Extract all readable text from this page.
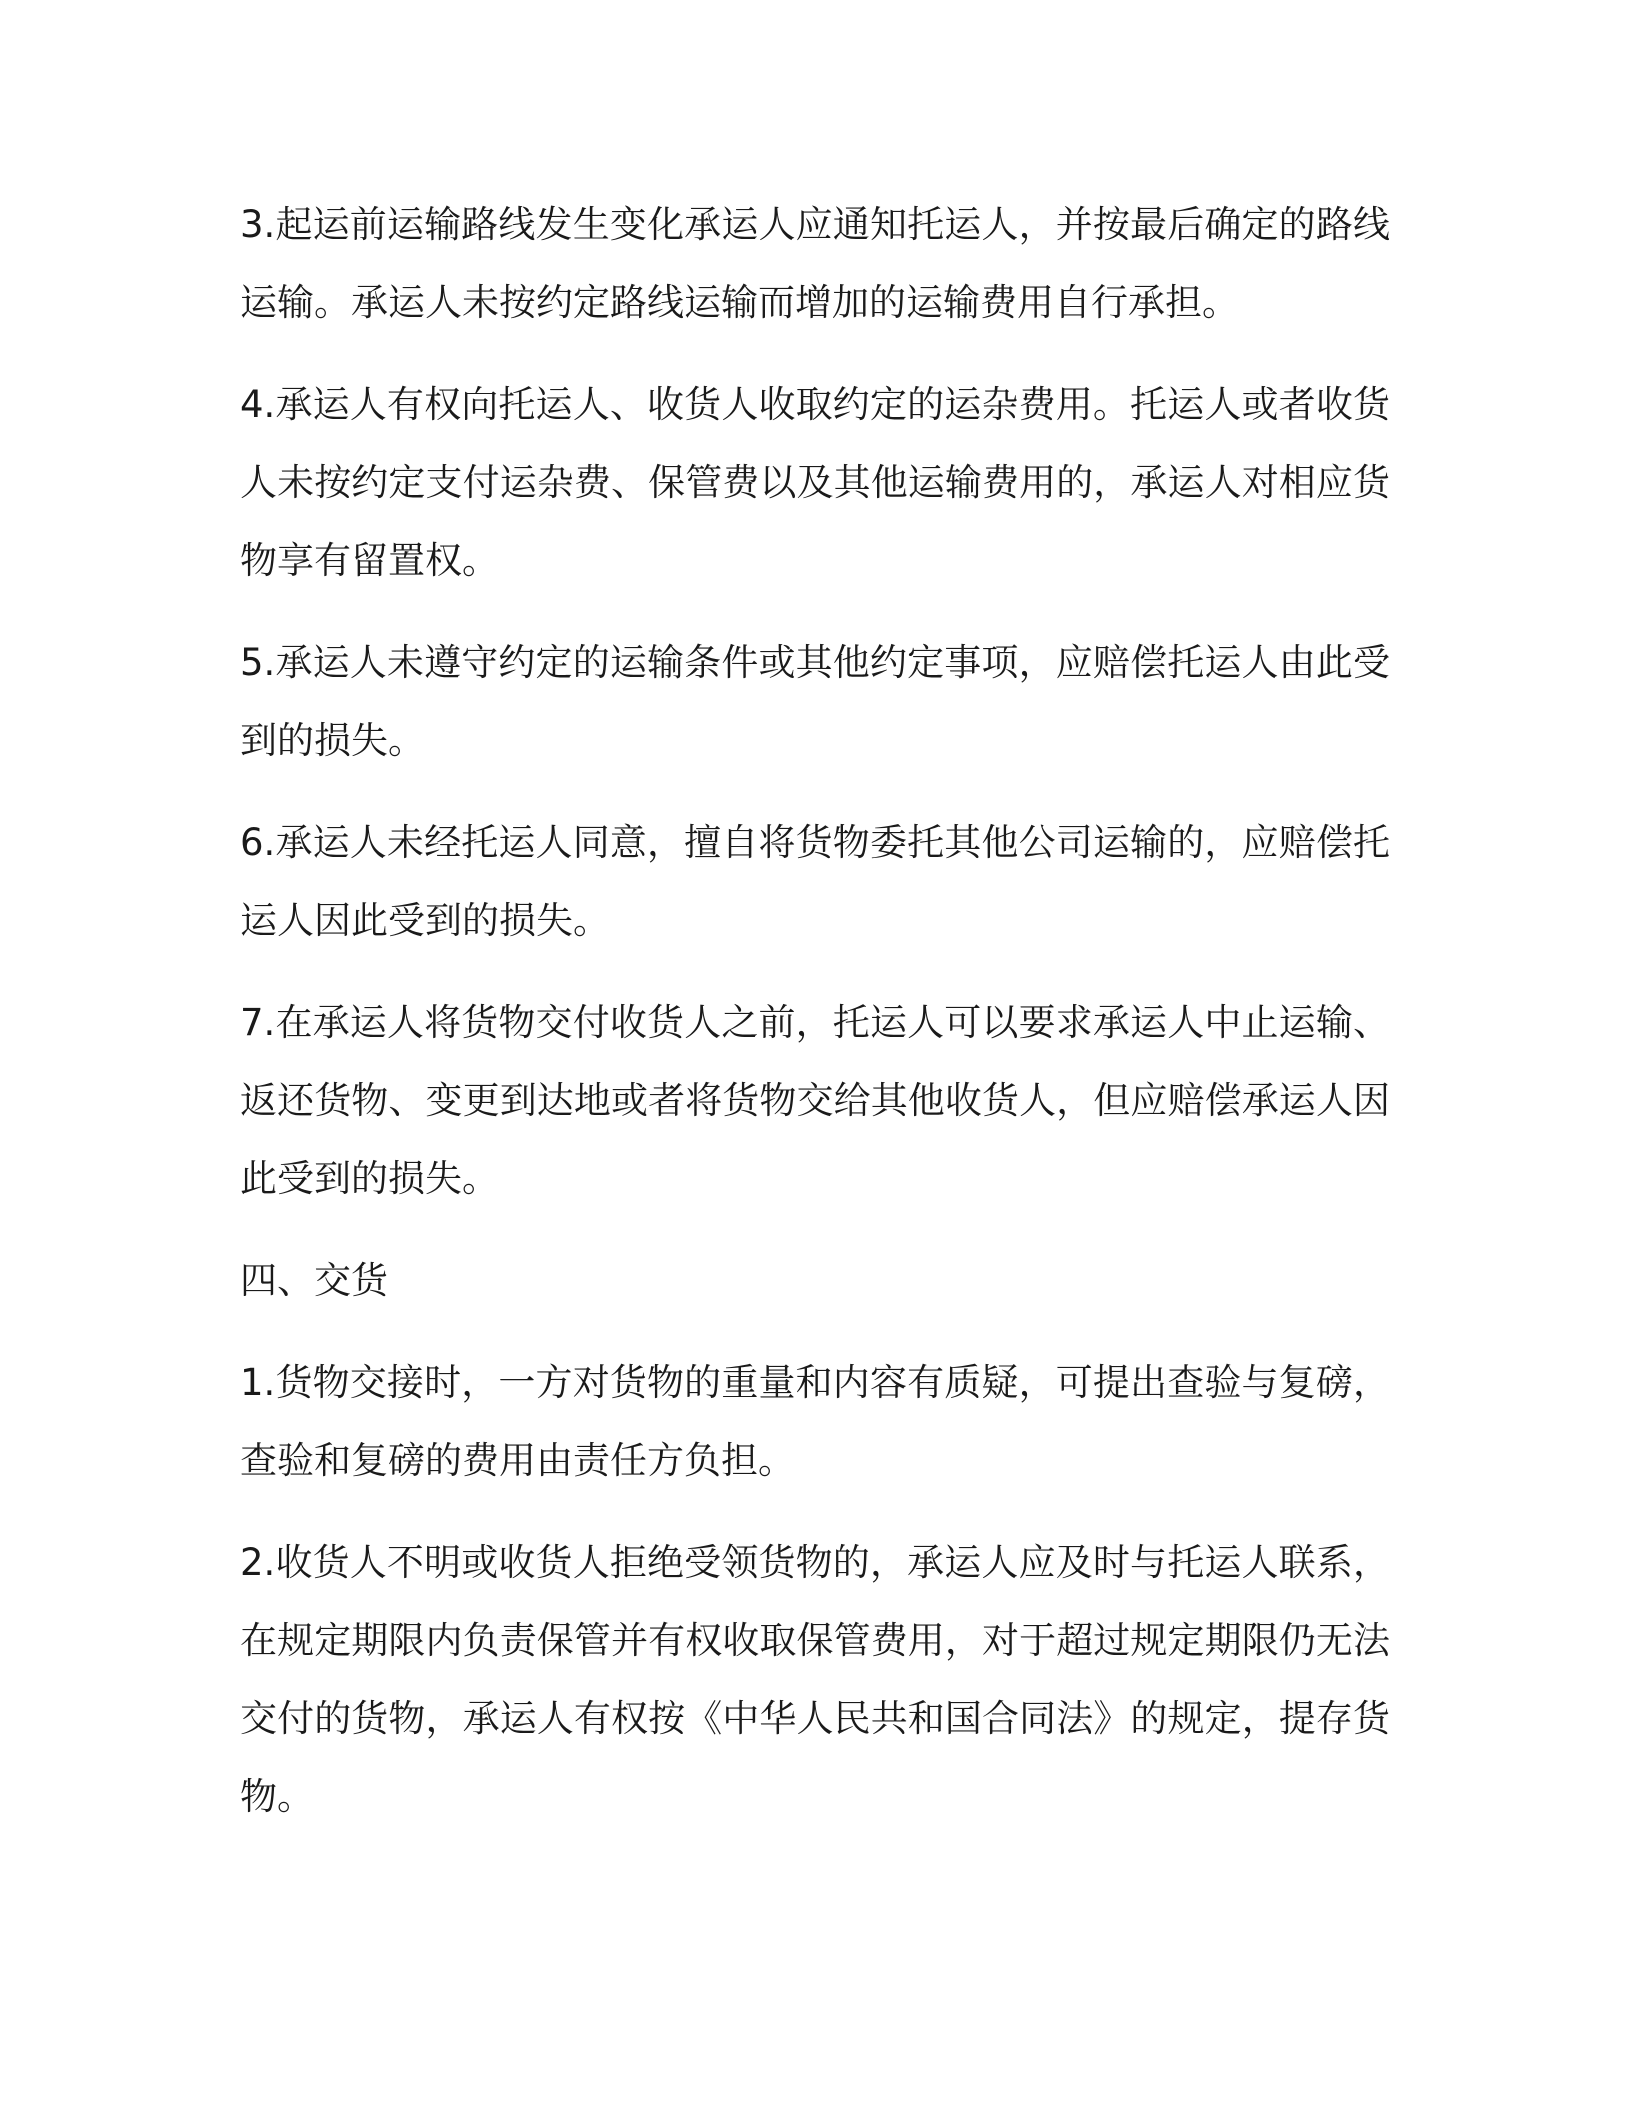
3.起运前运输路线发生变化承运人应通知托运人，并按最后确定的路线运输。承运人未按约定路线运输而增加的运输费用自行承担。

4.承运人有权向托运人、收货人收取约定的运杂费用。托运人或者收货人未按约定支付运杂费、保管费以及其他运输费用的，承运人对相应货物享有留置权。

5.承运人未遵守约定的运输条件或其他约定事项，应赔偿托运人由此受到的损失。

6.承运人未经托运人同意，擅自将货物委托其他公司运输的，应赔偿托运人因此受到的损失。

7.在承运人将货物交付收货人之前，托运人可以要求承运人中止运输、返还货物、变更到达地或者将货物交给其他收货人，但应赔偿承运人因此受到的损失。

四、交货

1.货物交接时，一方对货物的重量和内容有质疑，可提出查验与复磅，查验和复磅的费用由责任方负担。

2.收货人不明或收货人拒绝受领货物的，承运人应及时与托运人联系，在规定期限内负责保管并有权收取保管费用，对于超过规定期限仍无法交付的货物，承运人有权按《中华人民共和国合同法》的规定，提存货物。
